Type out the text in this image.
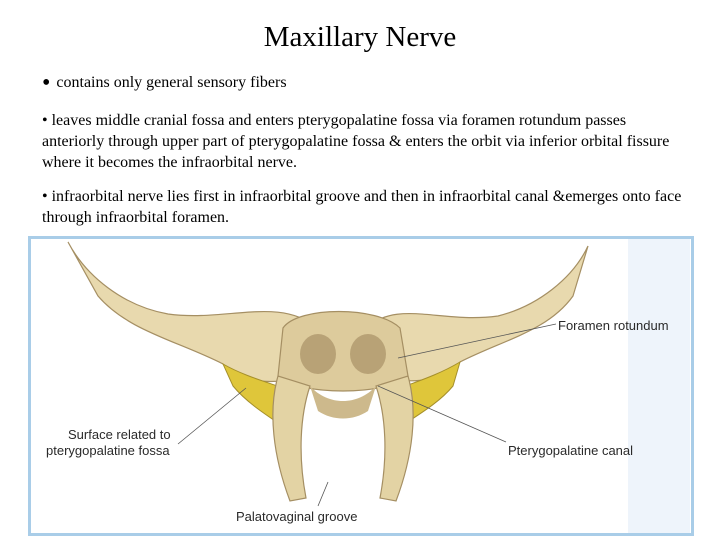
Maxillary Nerve
• contains only general sensory fibers
• leaves middle cranial fossa and enters pterygopalatine fossa via foramen rotundum passes anteriorly through upper part of pterygopalatine fossa & enters the orbit via inferior orbital fissure where it becomes the infraorbital nerve.
• infraorbital nerve lies first in infraorbital groove and then in infraorbital canal &emerges onto face through infraorbital foramen.
Foramen rotundum
Surface related to
pterygopalatine fossa	Pterygopalatine canal
Palatovaginal groove
